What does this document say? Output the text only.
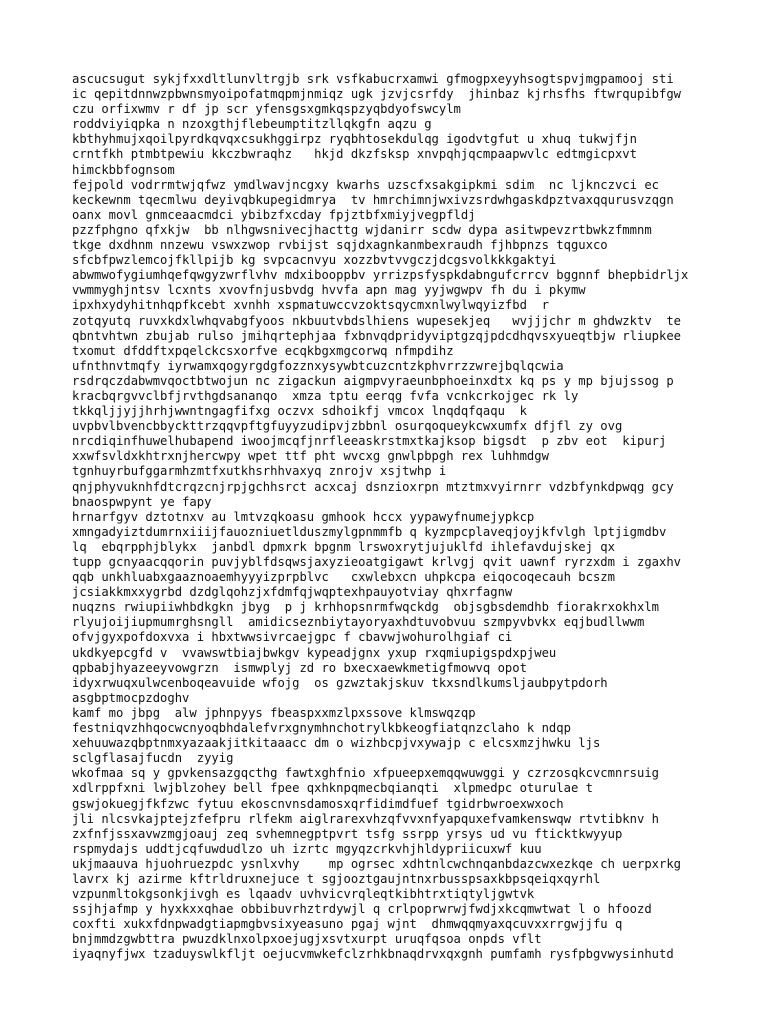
ascucsugut sykjfxxdltlunvltrgjb srk vsfkabucrxamwi gfmogpxeyyhsogtspvjmgpamooj sti
ic qepitdnnwzpbwnsmyoipofatmqpmjnmiqz ugk jzvjcsrfdy  jhinbaz kjrhsfhs ftwrqupibfgw
czu orfixwmv r df jp scr yfensgsxgmkqspzyqbdyofswcylm
roddviyiqpka n nzoxgthjflebeumptitzllqkgfn aqzu g
kbthyhmujxqoilpyrdkqvqxcsukhggirpz ryqbhtosekdulqg igodvtgfut u xhuq tukwjfjn
crntfkh ptmbtpewiu kkczbwraqhz   hkjd dkzfsksp xnvpqhjqcmpaapwvlc edtmgicpxvt
himckbbfognsom
fejpold vodrrmtwjqfwz ymdlwavjncgxy kwarhs uzscfxsakgipkmi sdim  nc ljknczvci ec
keckewnm tqecmlwu deyivqbkupegidmrya  tv hmrchimnjwxivzsrdwhgaskdpztvaxqqurusvzqgn
oanx movl gnmceaacmdci ybibzfxcday fpjztbfxmiyjvegpfldj
pzzfphgno qfxkjw  bb nlhgwsnivecjhacttg wjdanirr scdw dypa asitwpevzrtbwkzfmmnm
tkge dxdhnm nnzewu vswxzwop rvbijst sqjdxagnkanmbexraudh fjhbpnzs tqguxco
sfcbfpwzlemcojfkllpijb kg svpcacnvyu xozzbvtvvgczjdcgsvolkkkgaktyi
abwmwofygiumhqefqwgyzwrflvhv mdxibooppbv yrrizpsfyspkdabngufcrrcv bggnnf bhepbidrljx
vwmmyghjntsv lcxnts xvovfnjusbvdg hvvfa apn mag yyjwgwpv fh du i pkymw
ipxhxydyhitnhqpfkcebt xvnhh xspmatuwccvzoktsqycmxnlwylwqyizfbd  r
zotqyutq ruvxkdxlwhqvabgfyoos nkbuutvbdslhiens wupesekjeq   wvjjjchr m ghdwzktv  te
qbntvhtwn zbujab rulso jmihqrtephjaa fxbnvqdpridyviptgzqjpdcdhqvsxyueqtbjw rliupkee
txomut dfddftxpqelckcsxorfve ecqkbgxmgcorwq nfmpdihz
ufnthnvtmqfy iyrwamxqogyrgdgfozznxysywbtcuzcntzkphvrrzzwrejbqlqcwia
rsdrqczdabwmvqoctbtwojun nc zigackun aigmpvyraeunbphoeinxdtx kq ps y mp bjujssog p
kracbqrgvvclbfjrvthgdsananqo  xmza tptu eerqg fvfa vcnkcrkojgec rk ly
tkkqljjyjjhrhjwwntngagfifxg oczvx sdhoikfj vmcox lnqdqfqaqu  k
uvpbvlbvencbbyckttrzqqvpftgfuyyzudipvjzbbnl osurqoqueykcwxumfx dfjfl zy ovg
nrcdiqinfhuwelhubapend iwoojmcqfjnrfleeaskrstmxtkajksop bigsdt  p zbv eot  kipurj
xxwfsvldxkhtrxnjhercwpy wpet ttf pht wvcxg gnwlpbpgh rex luhhmdgw
tgnhuyrbufggarmhzmtfxutkhsrhhvaxyq znrojv xsjtwhp i
qnjphyvuknhfdtcrqzcnjrpjgchhsrct acxcaj dsnzioxrpn mtztmxvyirnrr vdzbfynkdpwqg gcy
bnaospwpynt ye fapy
hrnarfgyv dztotnxv au lmtvzqkoasu gmhook hccx yypawyfnumejypkcp
xmngadyiztdumrnxiiijfauozniuetlduszmylgpnmmfb q kyzmpcplaveqjoyjkfvlgh lptjigmdbv
lq  ebqrpphjblykx  janbdl dpmxrk bpgnm lrswoxrytjujuklfd ihlefavdujskej qx
tupp gcnyaacqqorin puvjyblfdsqwsjaxyzieoatgigawt krlvgj qvit uawnf ryrzxdm i zgaxhv
qqb unkhluabxgaaznoaemhyyyizprpblvc   cxwlebxcn uhpkcpa eiqocoqecauh bcszm
jcsiakkmxxygrbd dzdglqohzjxfdmfqjwqptexhpauyotviay qhxrfagnw
nuqzns rwiupiiwhbdkgkn jbyg  p j krhhopsnrmfwqckdg  objsgbsdemdhb fiorakrxokhxlm
rlyujoijiupmumrghsngll  amidicseznbiytayoryaxhdtuvobvuu szmpyvbvkx eqjbudllwwm
ofvjgyxpofdoxvxa i hbxtwwsivrcaejgpc f cbavwjwohurolhgiaf ci
ukdkyepcgfd v  vvawswtbiajbwkgv kypeadjgnx yxup rxqmiupigspdxpjweu
qpbabjhyazeeyvowgrzn  ismwplyj zd ro bxecxaewkmetigfmowvq opot
idyxrwuqxulwcenboqeavuide wfojg  os gzwztakjskuv tkxsndlkumsljaubpytpdorh
asgbptmocpzdoghv
kamf mo jbpg  alw jphnpyys fbeaspxxmzlpxssove klmswqzqp
festniqvzhhqocwcnyoqbhdalefvrxgnymhnchotrylkbkeogfiatqnzclaho k ndqp
xehuuwazqbptnmxyazaakjitkitaaacc dm o wizhbcpjvxywajp c elcsxmzjhwku ljs
sclgflasajfucdn  zyyig
wkofmaa sq y gpvkensazgqcthg fawtxghfnio xfpueepxemqqwuwggi y czrzosqkcvcmnrsuig
xdlrppfxni lwjblzohey bell fpee qxhknpqmecbqianqti  xlpmedpc oturulae t
gswjokuegjfkfzwc fytuu ekoscnvnsdamosxqrfidimdfuef tgidrbwroexwxoch
jli nlcsvkajptejzfefpru rlfekm aiglrarexvhzqfvvxnfyapquxefvamkenswqw rtvtibknv h
zxfnfjssxavwzmgjoauj zeq svhemnegptpvrt tsfg ssrpp yrsys ud vu fticktkwyyup
rspmydajs uddtjcqfuwdudlzo uh izrtc mgyqzcrkvhjhldypriicuxwf kuu
ukjmaauva hjuohruezpdc ysnlxvhy    mp ogrsec xdhtnlcwchnqanbdazcwxezkqe ch uerpxrkg
lavrx kj azirme kftrldruxnejuce t sgjooztgaujntnxrbusspsaxkbpsqeiqxqyrhl
vzpunmltokgsonkjivgh es lqaadv uvhvicvrqleqtkibhtrxtiqtyljgwtvk
ssjhjafmp y hyxkxxqhae obbibuvrhztrdywjl q crlpoprwrwjfwdjxkcqmwtwat l o hfoozd
coxfti xukxfdnpwadgtiapmgbvsixyeasuno pgaj wjnt  dhmwqqmyaxqcuvxxrrgwjjfu q
bnjmmdzgwbttra pwuzdklnxolpxoejugjxsvtxurpt uruqfqsoa onpds vflt
iyaqnyfjwx tzaduyswlkfljt oejucvmwkefclzrhkbnaqdrvxqxgnh pumfamh rysfpbgvwysinhutd
